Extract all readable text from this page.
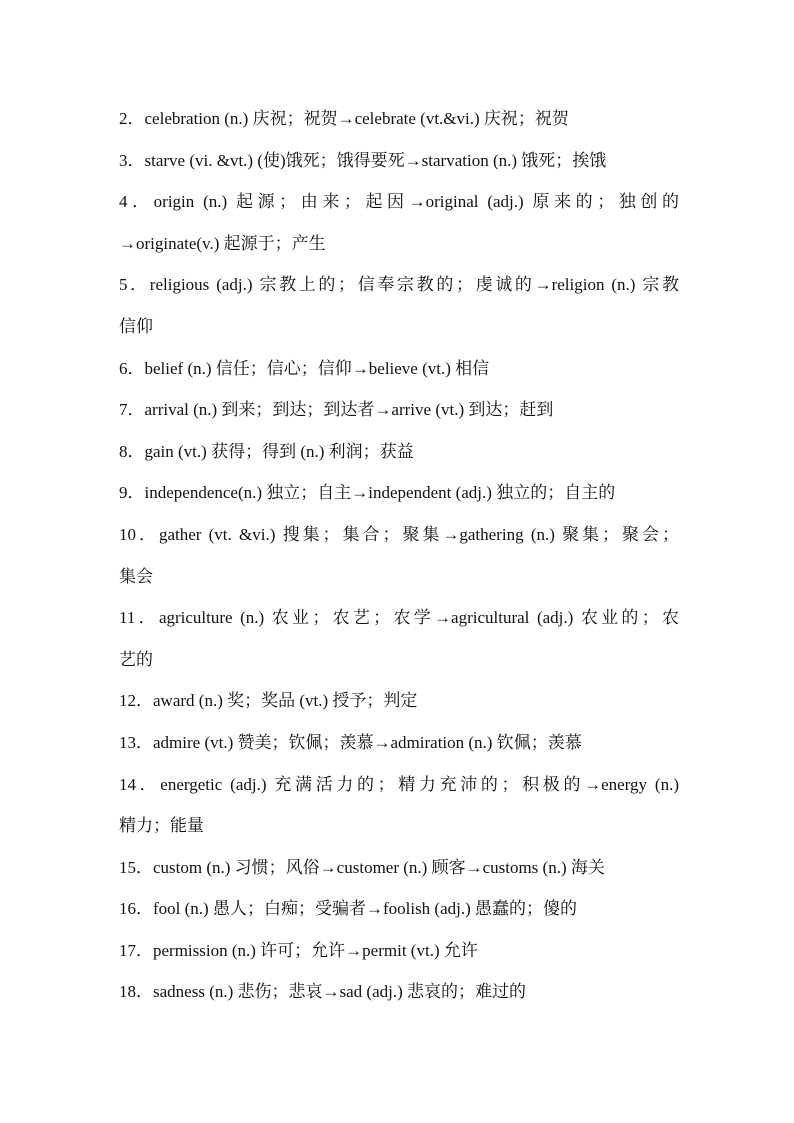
2．celebration (n.) 庆祝；祝贺→celebrate (vt.&vi.) 庆祝；祝贺
3．starve (vi. &vt.) (使)饿死；饿得要死→starvation (n.) 饿死；挨饿
4．origin (n.) 起源；由来；起因→original (adj.) 原来的；独创的
→originate(v.) 起源于；产生
5．religious (adj.) 宗教上的；信奉宗教的；虔诚的→religion (n.) 宗教
信仰
6．belief (n.) 信任；信心；信仰→believe (vt.) 相信
7．arrival (n.) 到来；到达；到达者→arrive (vt.) 到达；赶到
8．gain (vt.) 获得；得到 (n.) 利润；获益
9．independence(n.) 独立；自主→independent (adj.) 独立的；自主的
10．gather (vt. &vi.) 搜集；集合；聚集→gathering (n.) 聚集；聚会；
集会
11．agriculture (n.) 农业；农艺；农学→agricultural (adj.) 农业的；农
艺的
12．award (n.) 奖；奖品 (vt.) 授予；判定
13．admire (vt.) 赞美；钦佩；羡慕→admiration (n.) 钦佩；羡慕
14．energetic (adj.) 充满活力的；精力充沛的；积极的→energy (n.)
精力；能量
15．custom (n.) 习惯；风俗→customer (n.) 顾客→customs (n.) 海关
16．fool (n.) 愚人；白痴；受骗者→foolish (adj.) 愚蠢的；傻的
17．permission (n.) 许可；允许→permit (vt.) 允许
18．sadness (n.) 悲伤；悲哀→sad (adj.) 悲哀的；难过的
